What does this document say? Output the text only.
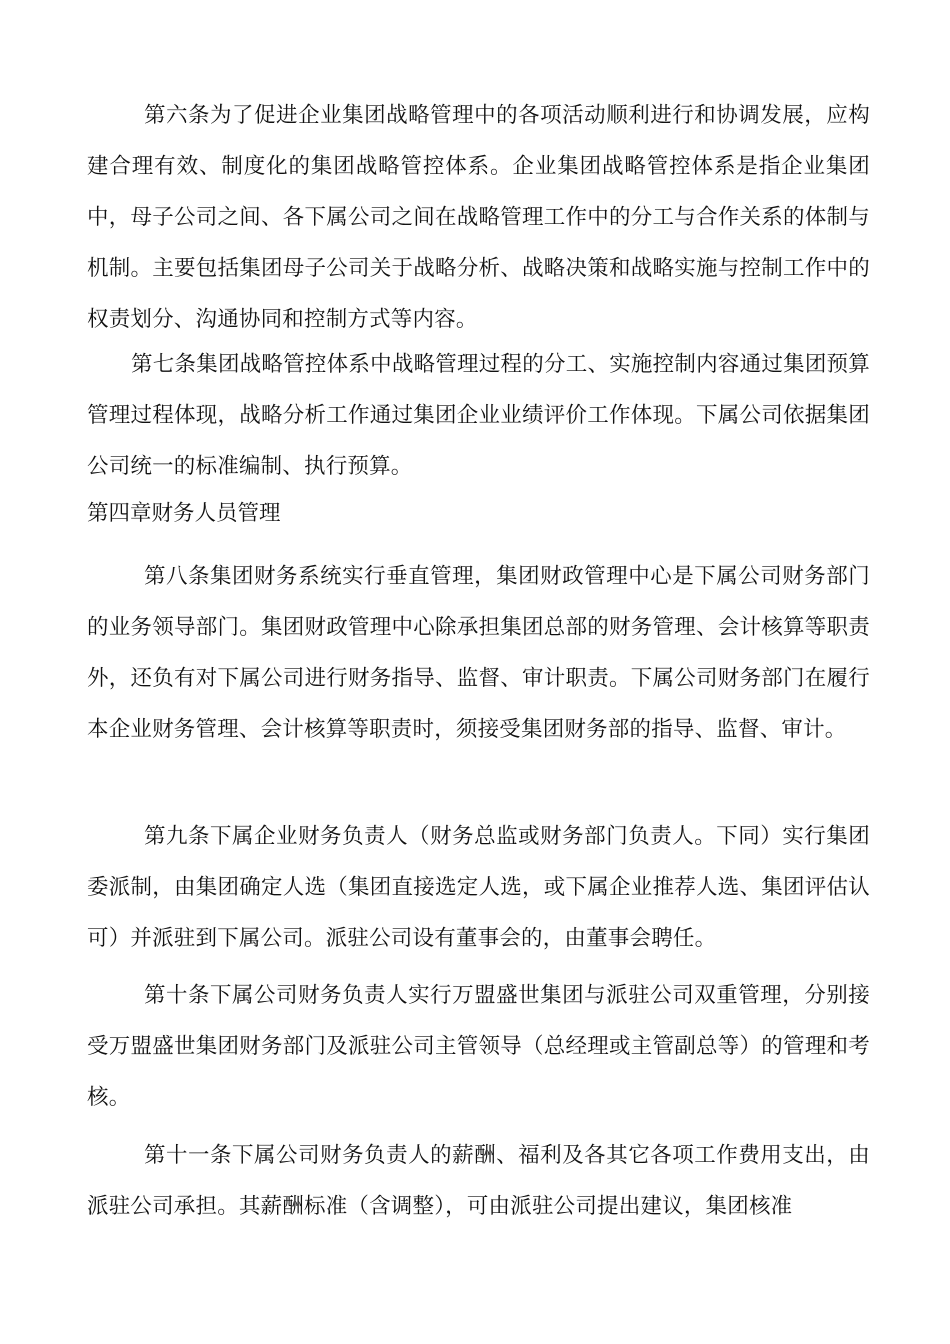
第六条为了促进企业集团战略管理中的各项活动顺利进行和协调发展，应构建合理有效、制度化的集团战略管控体系。企业集团战略管控体系是指企业集团中，母子公司之间、各下属公司之间在战略管理工作中的分工与合作关系的体制与机制。主要包括集团母子公司关于战略分析、战略决策和战略实施与控制工作中的权责划分、沟通协同和控制方式等内容。

第七条集团战略管控体系中战略管理过程的分工、实施控制内容通过集团预算管理过程体现，战略分析工作通过集团企业业绩评价工作体现。下属公司依据集团公司统一的标准编制、执行预算。

第四章财务人员管理

第八条集团财务系统实行垂直管理，集团财政管理中心是下属公司财务部门的业务领导部门。集团财政管理中心除承担集团总部的财务管理、会计核算等职责外，还负有对下属公司进行财务指导、监督、审计职责。下属公司财务部门在履行本企业财务管理、会计核算等职责时，须接受集团财务部的指导、监督、审计。

第九条下属企业财务负责人（财务总监或财务部门负责人。下同）实行集团委派制，由集团确定人选（集团直接选定人选，或下属企业推荐人选、集团评估认可）并派驻到下属公司。派驻公司设有董事会的，由董事会聘任。

第十条下属公司财务负责人实行万盟盛世集团与派驻公司双重管理，分别接受万盟盛世集团财务部门及派驻公司主管领导（总经理或主管副总等）的管理和考核。

第十一条下属公司财务负责人的薪酬、福利及各其它各项工作费用支出，由派驻公司承担。其薪酬标准（含调整），可由派驻公司提出建议，集团核准
